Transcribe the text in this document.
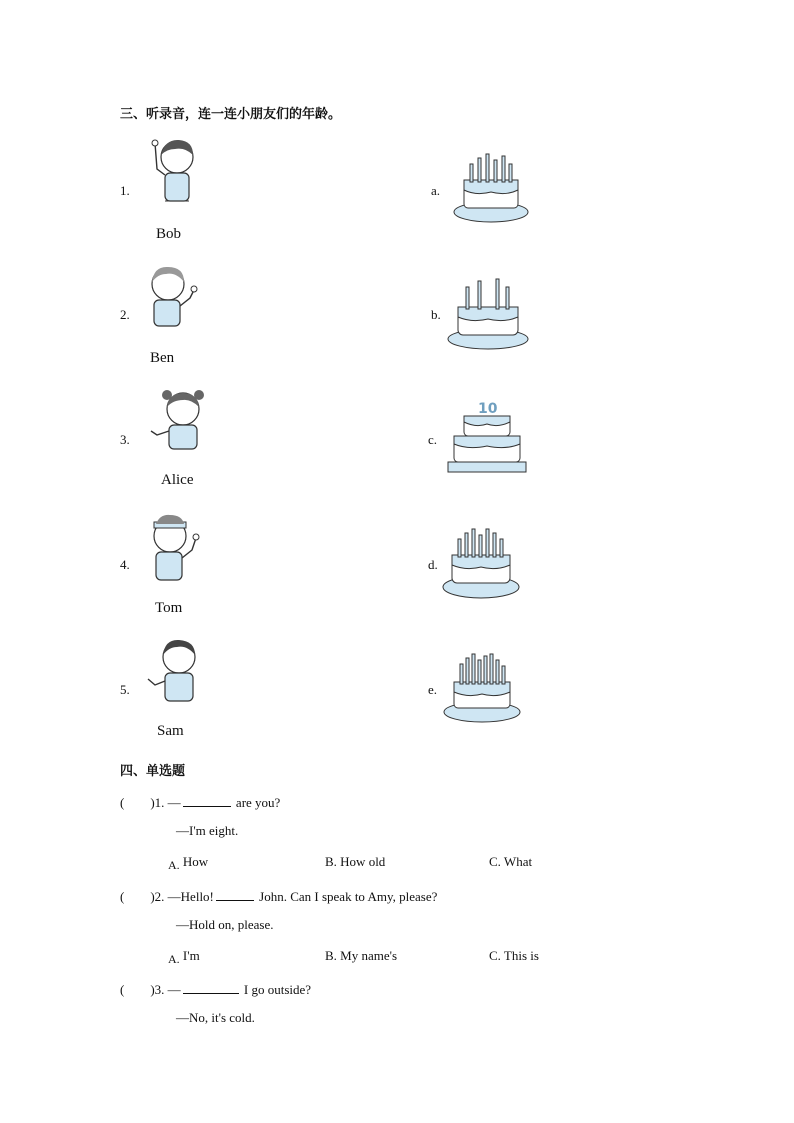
三、听录音，连一连小朋友们的年龄。
1.
Bob
2.
Ben
3.
Alice
4.
Tom
5.
Sam
a.
b.
c.
10
d.
e.
四、单选题
(　　)1. —	are you?
—I'm eight.
A. How	B. How old	C. What
(　　)2. —Hello!	John. Can I speak to Amy, please?
—Hold on, please.
A. I'm	B. My name's	C. This is
(　　)3. —	I go outside?
—No, it's cold.
